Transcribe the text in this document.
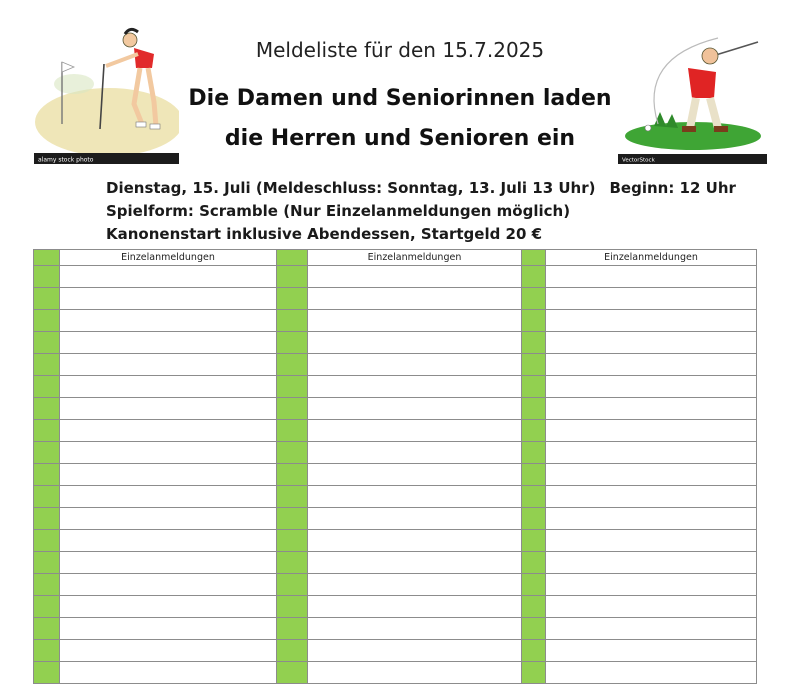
alamy stock photo	VectorStock
Meldeliste für den 15.7.2025
Die Damen und Seniorinnen laden
die Herren und Senioren ein
Dienstag, 15. Juli (Meldeschluss: Sonntag, 13. Juli 13 Uhr) Beginn: 12 Uhr
Spielform: Scramble (Nur Einzelanmeldungen möglich)
Kanonenstart inklusive Abendessen, Startgeld 20 €
	Einzelanmeldungen		Einzelanmeldungen		Einzelanmeldungen
